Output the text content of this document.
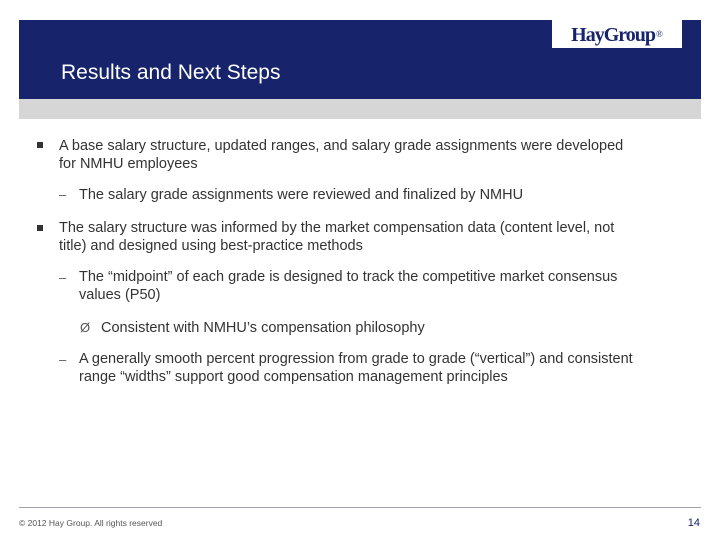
HayGroup ®
Results and Next Steps
A base salary structure, updated ranges, and salary grade assignments were developed
for NMHU employees
– The salary grade assignments were reviewed and finalized by NMHU
The salary structure was informed by the market compensation data (content level, not
title) and designed using best-practice methods
– The “midpoint” of each grade is designed to track the competitive market consensus
values (P50)
Ø Consistent with NMHU’s compensation philosophy
– A generally smooth percent progression from grade to grade (“vertical”) and consistent
range “widths” support good compensation management principles
© 2012 Hay Group. All rights reserved	14
